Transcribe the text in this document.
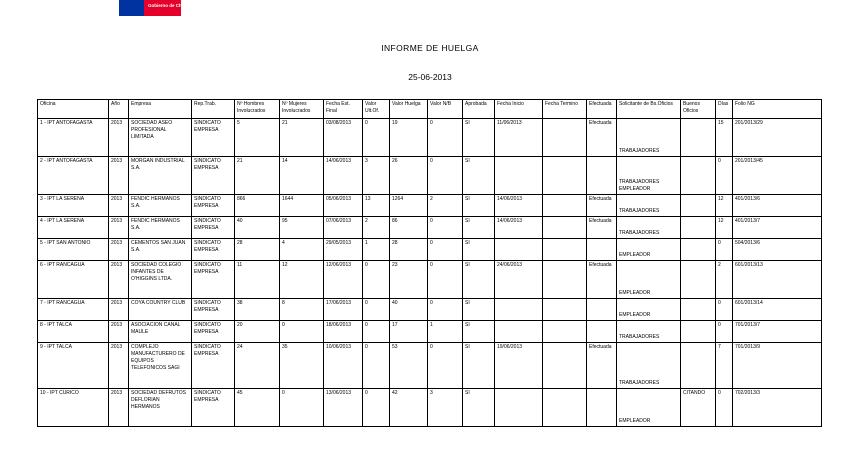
Gobierno de Chile
INFORME DE HUELGA
25-06-2013
Oficina	Año	Empresa	Rep.Trab.	Nº Hombres Involucrados	Nº Mujeres Involucrados	Fecha Est. Final	Valor Ult.Of.	Valor Huelga	Valor N/B	Aprobada	Fecha Inicio	Fecha Termino	Efectuada	Solicitante de Bs.Oficios	Buenos Oficios	Días	Folio NG
1 - IPT ANTOFAGASTA	2013	SOCIEDAD ASEO PROFESIONAL LIMITADA	SINDICATO EMPRESA	5	21	03/08/2013	0	19	0	SI	11/06/2013		Efectuada	TRABAJADORES		15	201/2013/29
2 - IPT ANTOFAGASTA	2013	MORGAN INDUSTRIAL S.A.	SINDICATO EMPRESA	21	14	14/06/2013	3	26	0	SI				TRABAJADORES EMPLEADOR		0	201/2013/45
3 - IPT LA SERENA	2013	FENDIC HERMANOS S.A.	SINDICATO EMPRESA	866	1644	05/06/2013	13	1264	2	SI	14/06/2013		Efectuada	TRABAJADORES		12	401/2013/6
4 - IPT LA SERENA	2013	FENDIC HERMANOS S.A.	SINDICATO EMPRESA	40	95	07/06/2013	2	86	0	SI	14/06/2013		Efectuada	TRABAJADORES		12	401/2013/7
5 - IPT SAN ANTONIO	2013	CEMENTOS SAN JUAN S.A.	SINDICATO EMPRESA	28	4	29/05/2013	1	28	0	SI				EMPLEADOR		0	504/2013/6
6 - IPT RANCAGUA	2013	SOCIEDAD COLEGIO INFANTES DE O'HIGGINS LTDA.	SINDICATO EMPRESA	11	12	12/06/2013	0	23	0	SI	24/06/2013		Efectuada	EMPLEADOR		2	601/2013/13
7 - IPT RANCAGUA	2013	COYA COUNTRY CLUB	SINDICATO EMPRESA	38	8	17/06/2013	0	40	0	SI				EMPLEADOR		0	601/2013/14
8 - IPT TALCA	2013	ASOCIACION CANAL MAULE	SINDICATO EMPRESA	20	0	18/06/2013	0	17	1	SI				TRABAJADORES		0	701/2013/7
9 - IPT TALCA	2013	COMPLEJO MANUFACTURERO DE EQUIPOS TELEFONICOS SAGI	SINDICATO EMPRESA	24	35	10/06/2013	0	53	0	SI	19/06/2013		Efectuada	TRABAJADORES		7	701/2013/9
10 - IPT CURICO	2013	SOCIEDAD DEFRUTOS DEFLORIAN HERMANOS	SINDICATO EMPRESA	45	0	13/06/2013	0	42	3	SI				EMPLEADOR	CITANDO	0	702/2013/3
